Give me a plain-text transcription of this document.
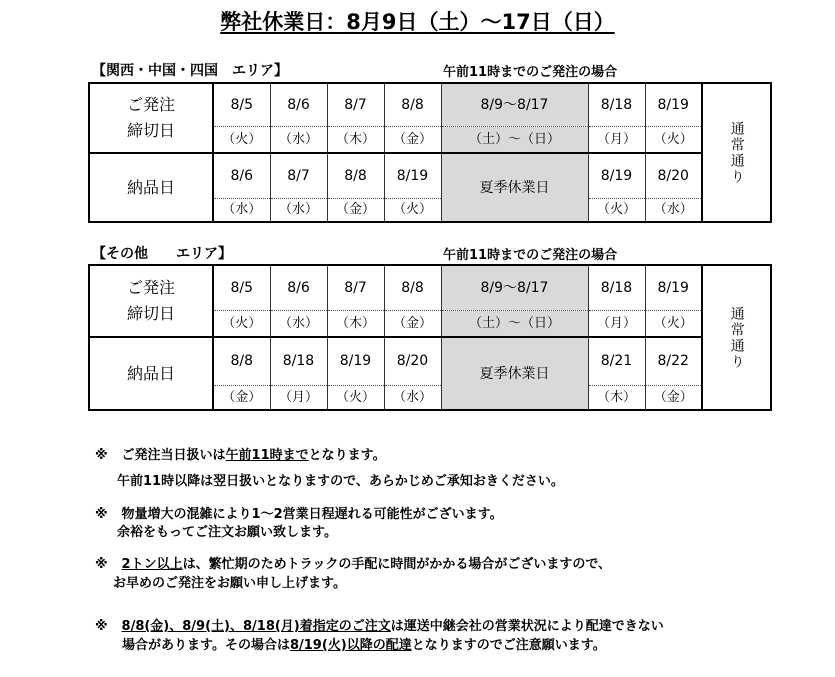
弊社休業日：8月9日（土）～17日（日）
【関西・中国・四国　エリア】	午前11時までのご発注の場合
ご発注
締切日	8/5	8/6	8/7	8/8	8/9～8/17	8/18	8/19	通常通り

	（火）	（水）	（木）	（金）	（土）～（日）	（月）	（火）	
納品日	8/6	8/7	8/8	8/19	夏季休業日	8/19	8/20	
	（水）	（水）	（金）	（火）		（火）	（水）	
【その他　　エリア】	午前11時までのご発注の場合
ご発注
締切日	8/5	8/6	8/7	8/8	8/9～8/17	8/18	8/19	通常通り

	（火）	（水）	（木）	（金）	（土）～（日）	（月）	（火）	
納品日	8/8	8/18	8/19	8/20	夏季休業日	8/21	8/22	
	（金）	（月）	（火）	（水）		（木）	（金）	
※ ご発注当日扱いは午前11時までとなります。
午前11時以降は翌日扱いとなりますので、あらかじめご承知おきください。
※ 物量増大の混雑により1～2営業日程遅れる可能性がございます。
余裕をもってご注文お願い致します。
※ 2トン以上は、繁忙期のためトラックの手配に時間がかかる場合がございますので、
お早めのご発注をお願い申し上げます。
※ 8/8(金)、8/9(土)、8/18(月)着指定のご注文は運送中継会社の営業状況により配達できない
場合があります。その場合は8/19(火)以降の配達となりますのでご注意願います。
